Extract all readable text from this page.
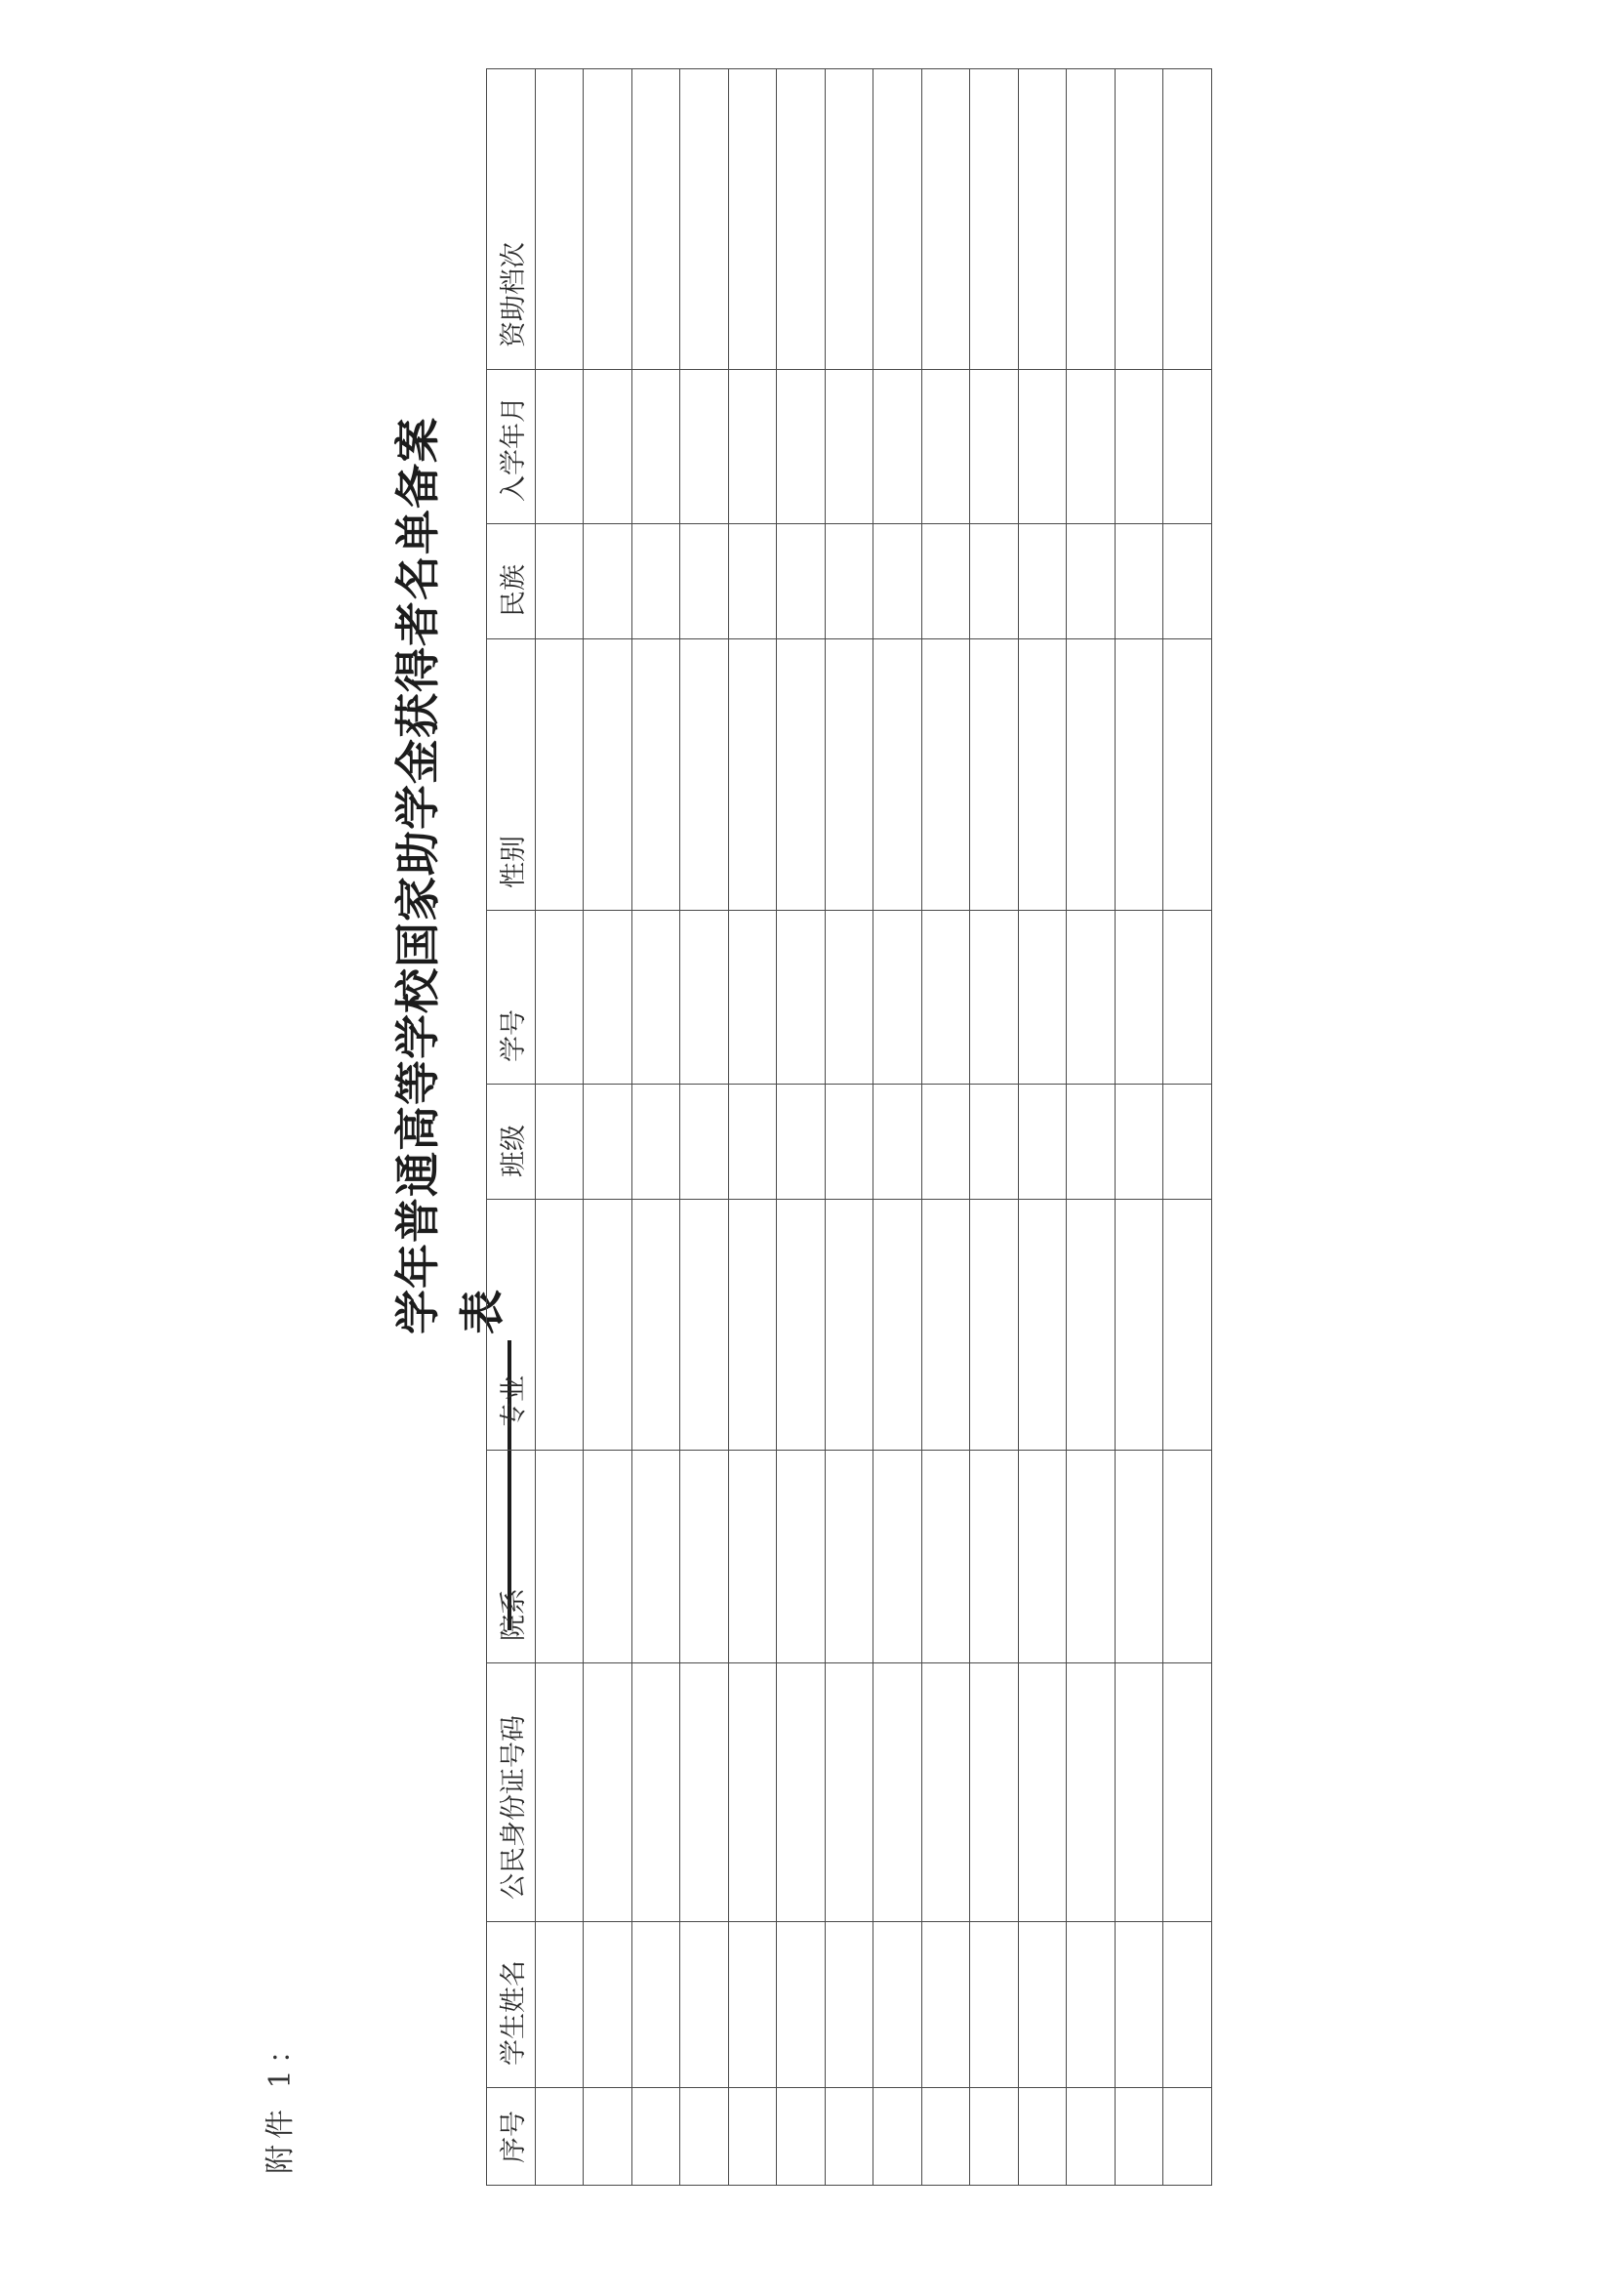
附件 1：
学年普通高等学校国家助学金获得者名单备案表
序号	学生姓名	公民身份证号码	院系	专业	班级	学号	性别	民族	入学年月	资助档次
